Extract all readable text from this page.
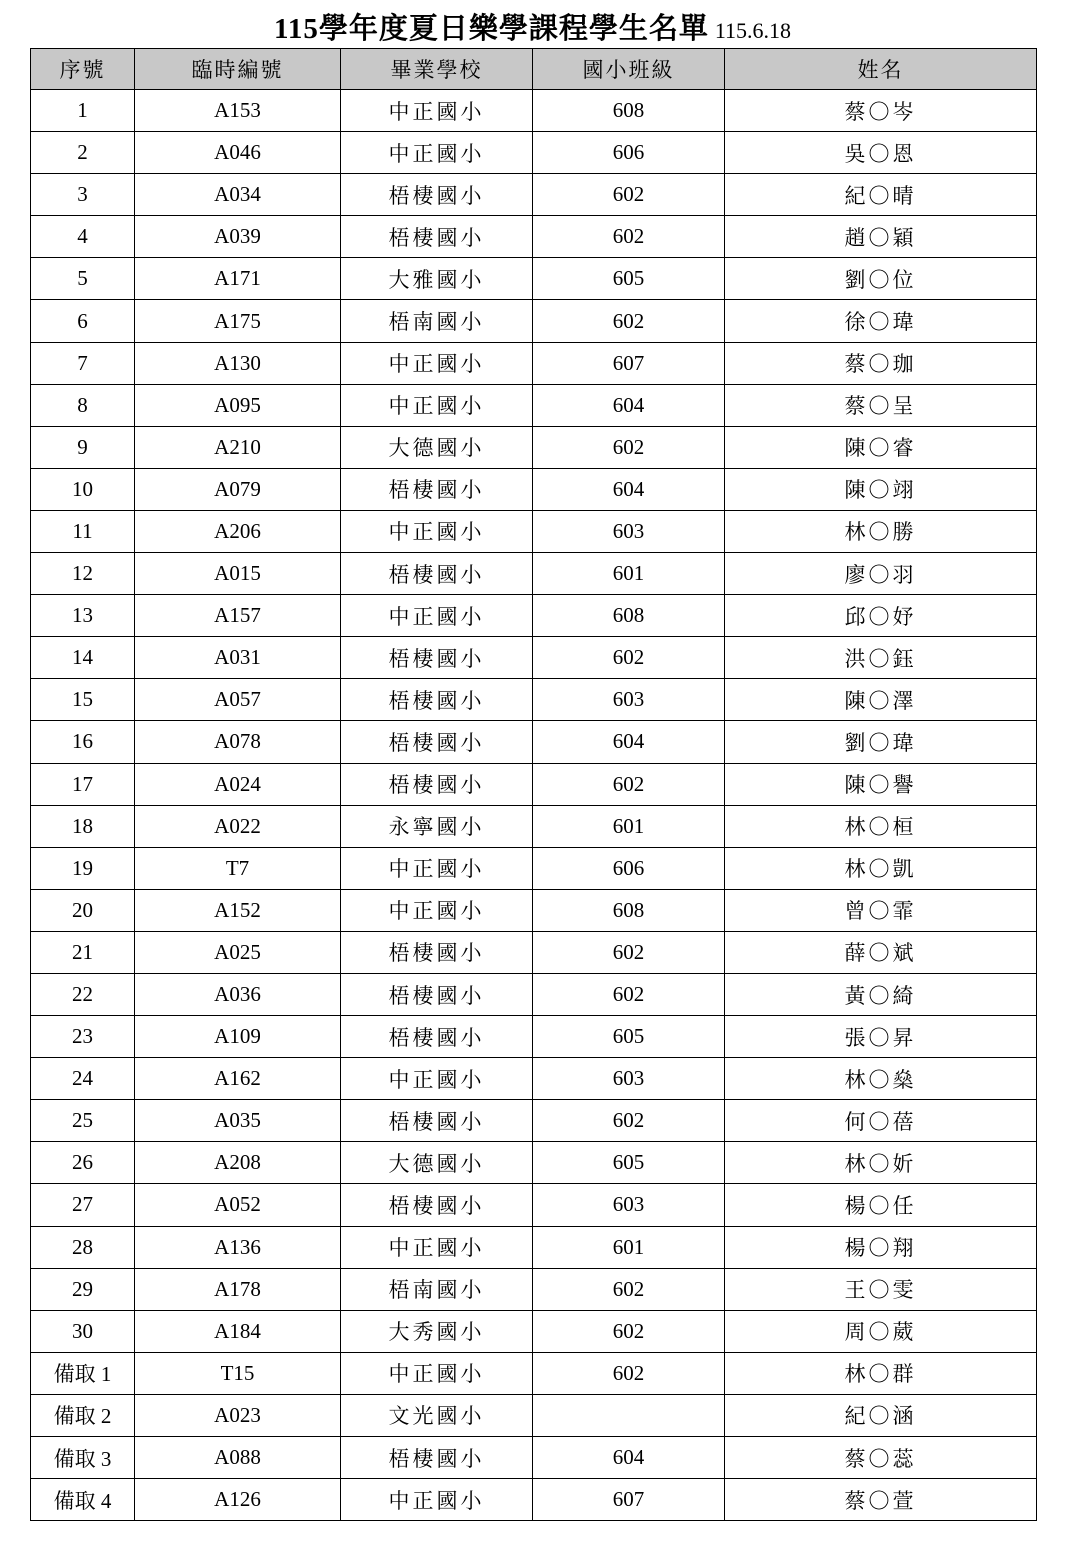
115學年度夏日樂學課程學生名單 115.6.18
序號	臨時編號	畢業學校	國小班級	姓名
1	A153	中正國小	608	蔡〇岑
2	A046	中正國小	606	吳〇恩
3	A034	梧棲國小	602	紀〇晴
4	A039	梧棲國小	602	趙〇穎
5	A171	大雅國小	605	劉〇位
6	A175	梧南國小	602	徐〇瑋
7	A130	中正國小	607	蔡〇珈
8	A095	中正國小	604	蔡〇呈
9	A210	大德國小	602	陳〇睿
10	A079	梧棲國小	604	陳〇翊
11	A206	中正國小	603	林〇勝
12	A015	梧棲國小	601	廖〇羽
13	A157	中正國小	608	邱〇妤
14	A031	梧棲國小	602	洪〇鈺
15	A057	梧棲國小	603	陳〇澤
16	A078	梧棲國小	604	劉〇瑋
17	A024	梧棲國小	602	陳〇譽
18	A022	永寧國小	601	林〇桓
19	T7	中正國小	606	林〇凱
20	A152	中正國小	608	曾〇霏
21	A025	梧棲國小	602	薛〇斌
22	A036	梧棲國小	602	黃〇綺
23	A109	梧棲國小	605	張〇昇
24	A162	中正國小	603	林〇燊
25	A035	梧棲國小	602	何〇蓓
26	A208	大德國小	605	林〇妡
27	A052	梧棲國小	603	楊〇任
28	A136	中正國小	601	楊〇翔
29	A178	梧南國小	602	王〇雯
30	A184	大秀國小	602	周〇葳
備取 1	T15	中正國小	602	林〇群
備取 2	A023	文光國小		紀〇涵
備取 3	A088	梧棲國小	604	蔡〇蕊
備取 4	A126	中正國小	607	蔡〇萱
